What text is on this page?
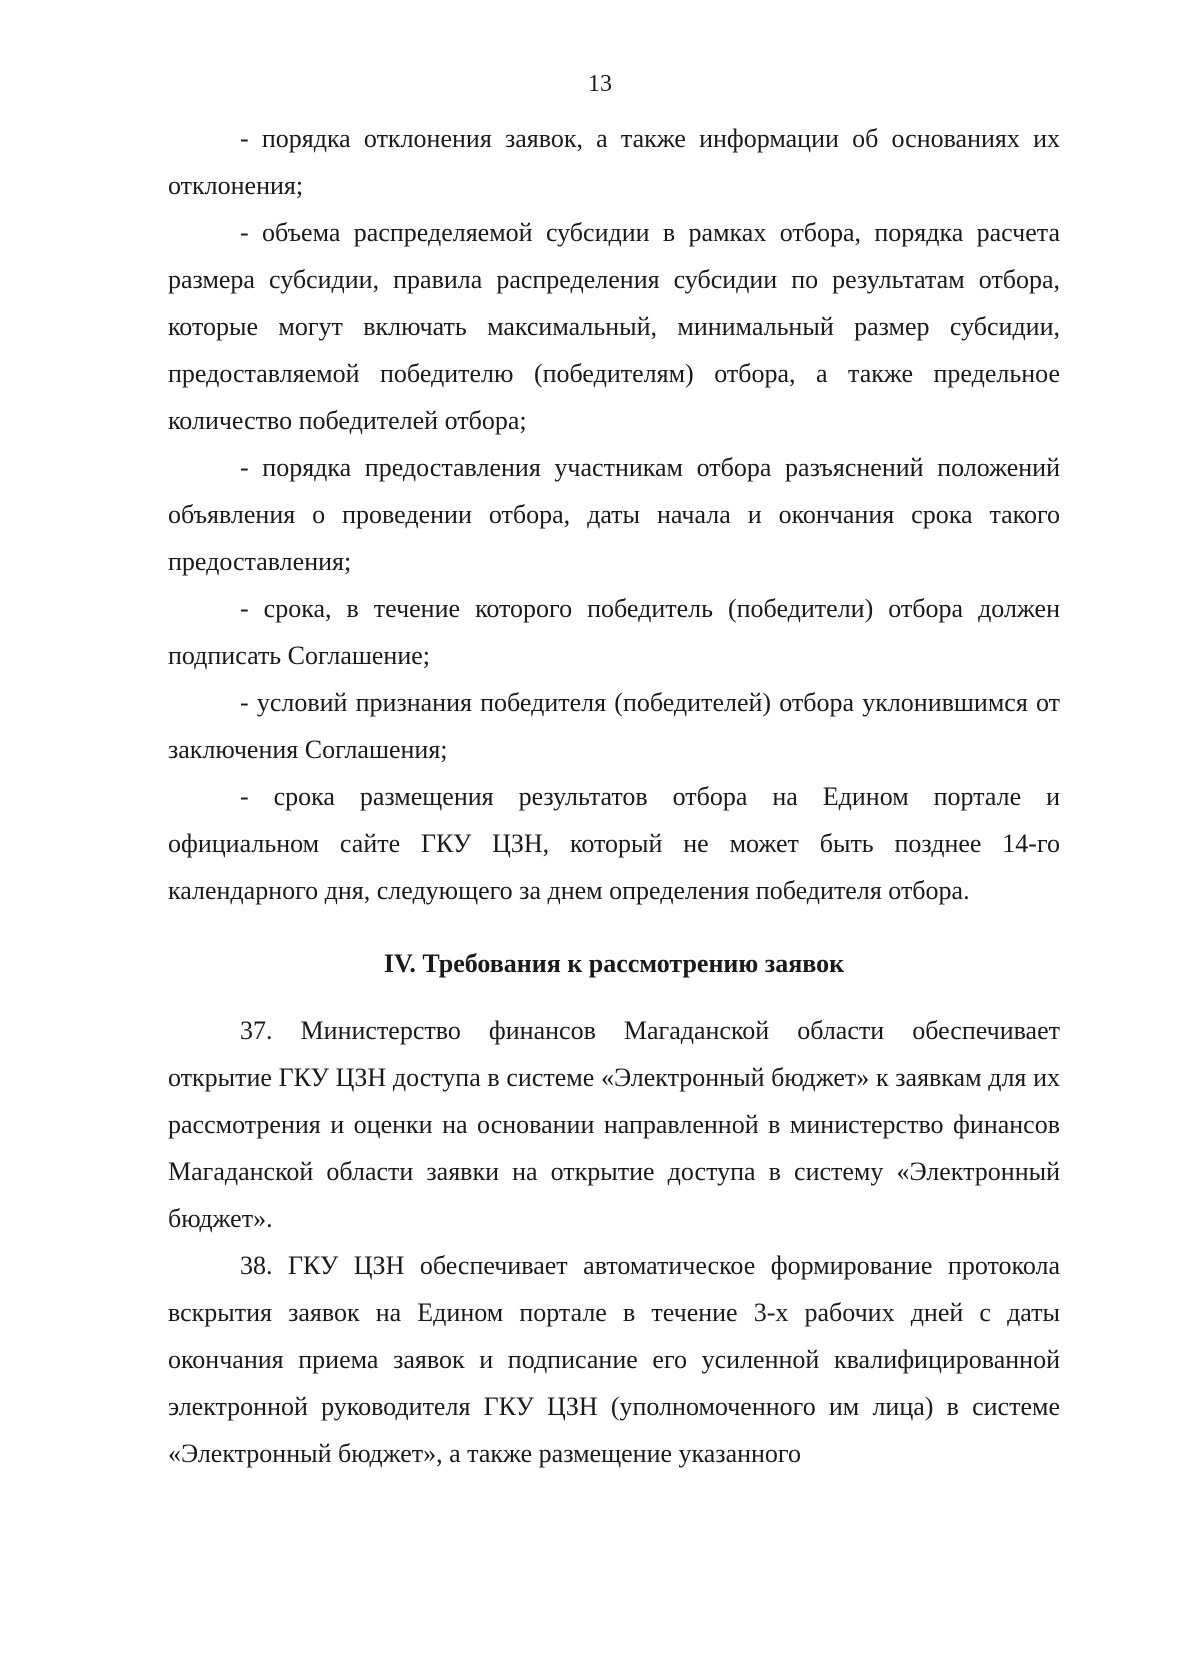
13

- порядка отклонения заявок, а также информации об основаниях их отклонения;

- объема распределяемой субсидии в рамках отбора, порядка расчета размера субсидии, правила распределения субсидии по результатам отбора, которые могут включать максимальный, минимальный размер субсидии, предоставляемой победителю (победителям) отбора, а также предельное количество победителей отбора;

- порядка предоставления участникам отбора разъяснений положений объявления о проведении отбора, даты начала и окончания срока такого предоставления;

- срока, в течение которого победитель (победители) отбора должен подписать Соглашение;

- условий признания победителя (победителей) отбора уклонившимся от заключения Соглашения;

- срока размещения результатов отбора на Едином портале и официальном сайте ГКУ ЦЗН, который не может быть позднее 14-го календарного дня, следующего за днем определения победителя отбора.

IV. Требования к рассмотрению заявок

37. Министерство финансов Магаданской области обеспечивает открытие ГКУ ЦЗН доступа в системе «Электронный бюджет» к заявкам для их рассмотрения и оценки на основании направленной в министерство финансов Магаданской области заявки на открытие доступа в систему «Электронный бюджет».

38. ГКУ ЦЗН обеспечивает автоматическое формирование протокола вскрытия заявок на Едином портале в течение 3-х рабочих дней с даты окончания приема заявок и подписание его усиленной квалифицированной электронной руководителя ГКУ ЦЗН (уполномоченного им лица) в системе «Электронный бюджет», а также размещение указанного
